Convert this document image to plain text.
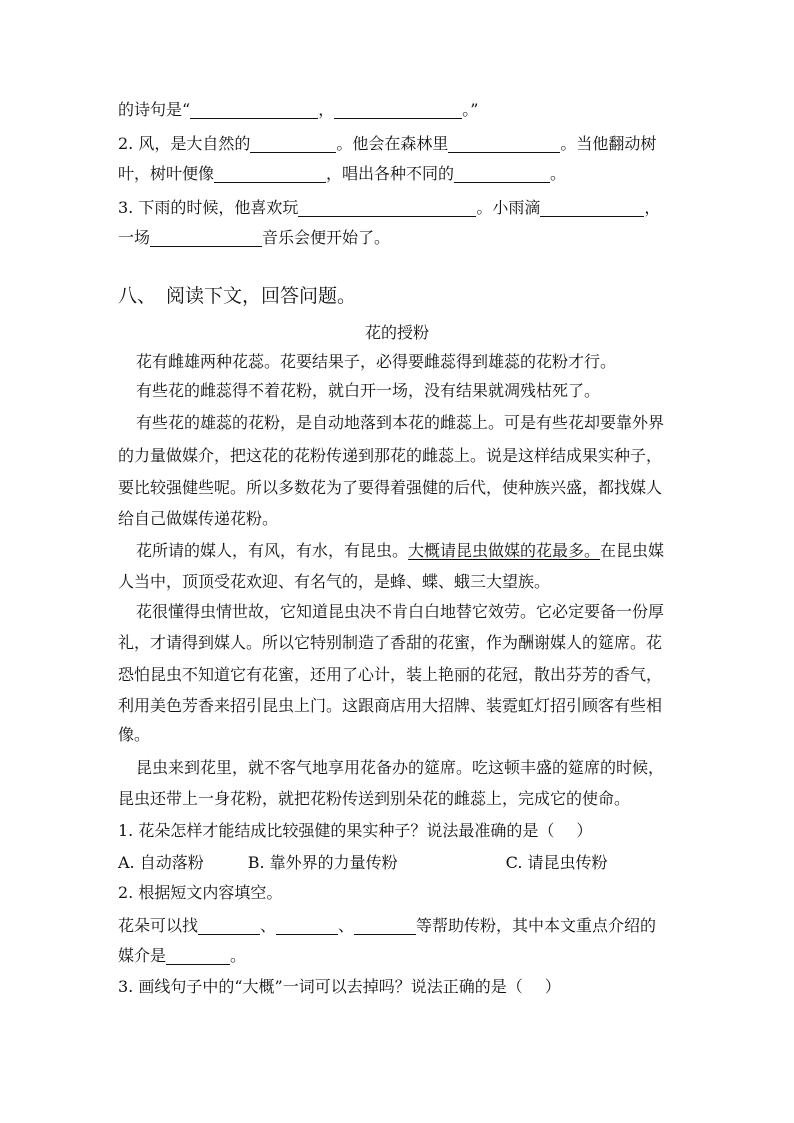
的诗句是“	，	。”
2. 风，是大自然的	。他会在森林里	。当他翻动树
叶，树叶便像	，唱出各种不同的	。
3. 下雨的时候，他喜欢玩	。小雨滴	，
一场	音乐会便开始了。
八、 阅读下文，回答问题。
花的授粉
花有雌雄两种花蕊。花要结果子，必得要雌蕊得到雄蕊的花粉才行。
有些花的雌蕊得不着花粉，就白开一场，没有结果就凋残枯死了。
有些花的雄蕊的花粉，是自动地落到本花的雌蕊上。可是有些花却要靠外界
的力量做媒介，把这花的花粉传递到那花的雌蕊上。说是这样结成果实种子，
要比较强健些呢。所以多数花为了要得着强健的后代，使种族兴盛，都找媒人
给自己做媒传递花粉。
花所请的媒人，有风，有水，有昆虫。大概请昆虫做媒的花最多。在昆虫媒
人当中，顶顶受花欢迎、有名气的，是蜂、蝶、蛾三大望族。
花很懂得虫情世故，它知道昆虫决不肯白白地替它效劳。它必定要备一份厚
礼，才请得到媒人。所以它特别制造了香甜的花蜜，作为酬谢媒人的筵席。花
恐怕昆虫不知道它有花蜜，还用了心计，装上艳丽的花冠，散出芬芳的香气，
利用美色芳香来招引昆虫上门。这跟商店用大招牌、装霓虹灯招引顾客有些相
像。
昆虫来到花里，就不客气地享用花备办的筵席。吃这顿丰盛的筵席的时候，
昆虫还带上一身花粉，就把花粉传送到别朵花的雌蕊上，完成它的使命。
1. 花朵怎样才能结成比较强健的果实种子？说法最准确的是（ ）
A. 自动落粉	B. 靠外界的力量传粉	C. 请昆虫传粉
2. 根据短文内容填空。
花朵可以找	、	、	等帮助传粉，其中本文重点介绍的
媒介是	。
3. 画线句子中的“大概”一词可以去掉吗？说法正确的是（ ）
